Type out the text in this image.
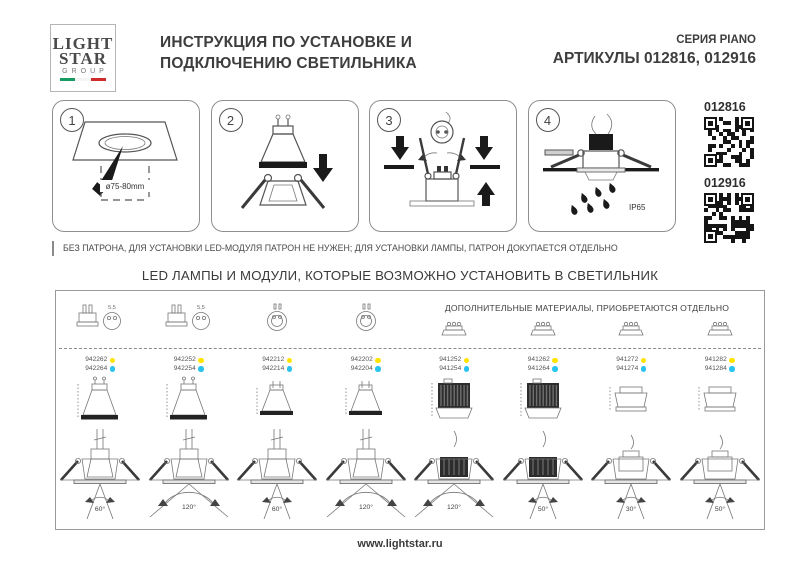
LIGHT
STAR
GROUP
ИНСТРУКЦИЯ ПО УСТАНОВКЕ И
ПОДКЛЮЧЕНИЮ СВЕТИЛЬНИКА
СЕРИЯ PIANO
АРТИКУЛЫ 012816, 012916
1
ø75-80mm
2	3	4
IP65
012816
012916
БЕЗ ПАТРОНА, ДЛЯ УСТАНОВКИ LED-МОДУЛЯ ПАТРОН НЕ НУЖЕН; ДЛЯ УСТАНОВКИ ЛАМПЫ, ПАТРОН ДОКУПАЕТСЯ ОТДЕЛЬНО
LED ЛАМПЫ И МОДУЛИ, КОТОРЫЕ ВОЗМОЖНО УСТАНОВИТЬ В СВЕТИЛЬНИК
5,5	5,5	ДОПОЛНИТЕЛЬНЫЕ МАТЕРИАЛЫ, ПРИОБРЕТАЮТСЯ ОТДЕЛЬНО
942262
942264
60°
942252
942254
120°
942212
942214
60°
942202
942204
120°
941252
941254
120°
941262
941264
50°
941272
941274
30°
941282
941284
50°
www.lightstar.ru
